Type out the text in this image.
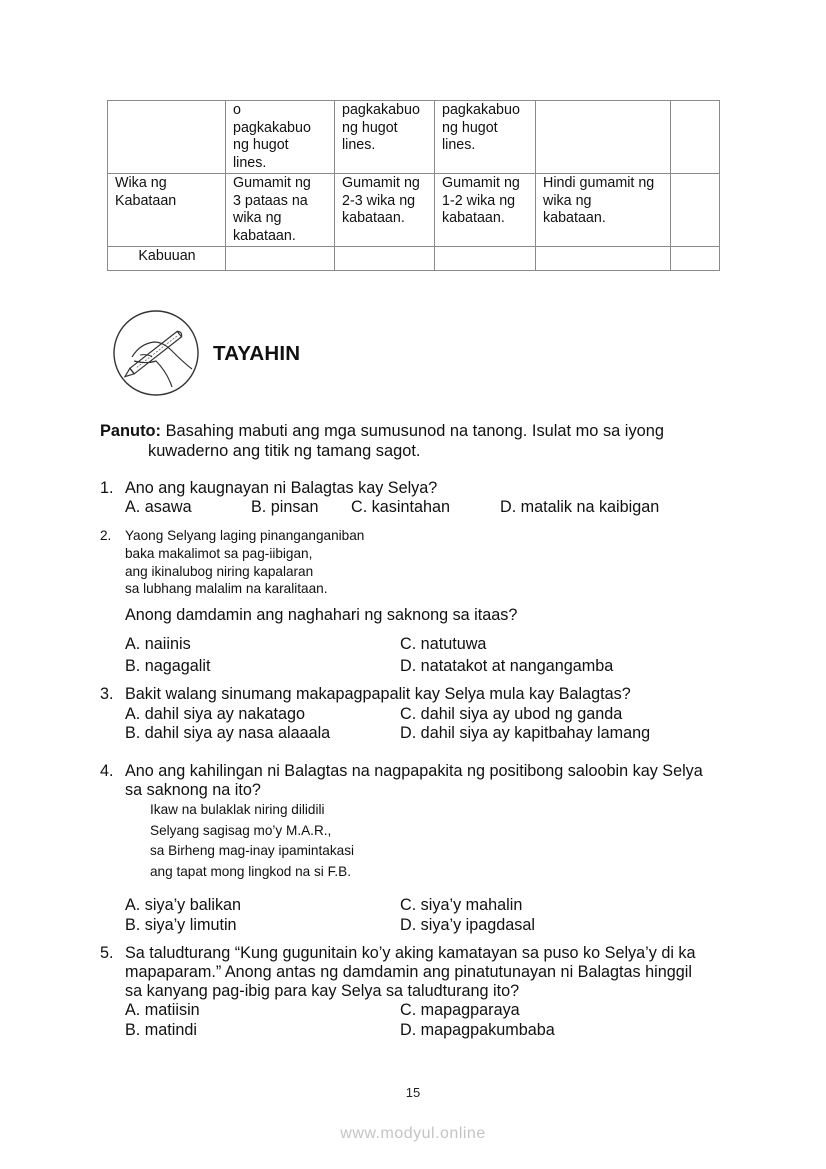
	o
pagkakabuo
ng hugot
lines.	pagkakabuo
ng hugot
lines.	pagkakabuo
ng hugot
lines.		

Wika ng
Kabataan	Gumamit ng
3 pataas na
wika ng
kabataan.	Gumamit ng
2-3 wika ng
kabataan.	Gumamit ng
1-2 wika ng
kabataan.	Hindi gumamit ng
wika ng
kabataan.	

Kabuuan					
TAYAHIN
Panuto: Basahing mabuti ang mga sumusunod na tanong. Isulat mo sa iyong
kuwaderno ang titik ng tamang sagot.
1. Ano ang kaugnayan ni Balagtas kay Selya?
A. asawa	B. pinsan C. kasintahan	D. matalik na kaibigan
2. Yaong Selyang laging pinanganganiban
baka makalimot sa pag-iibigan,
ang ikinalubog niring kapalaran
sa lubhang malalim na karalitaan.
Anong damdamin ang naghahari ng saknong sa itaas?
A. naiinis
B. nagagalit
C. natutuwa
D. natatakot at nangangamba
3. Bakit walang sinumang makapagpapalit kay Selya mula kay Balagtas?
A. dahil siya ay nakatago
B. dahil siya ay nasa alaaala
C. dahil siya ay ubod ng ganda
D. dahil siya ay kapitbahay lamang
4. Ano ang kahilingan ni Balagtas na nagpapakita ng positibong saloobin kay Selya
sa saknong na ito?
Ikaw na bulaklak niring dilidili
Selyang sagisag mo’y M.A.R.,
sa Birheng mag-inay ipamintakasi
ang tapat mong lingkod na si F.B.
A. siya’y balikan
B. siya’y limutin
C. siya’y mahalin
D. siya’y ipagdasal
5. Sa taludturang “Kung gugunitain ko’y aking kamatayan sa puso ko Selya’y di ka
mapaparam.” Anong antas ng damdamin ang pinatutunayan ni Balagtas hinggil
sa kanyang pag-ibig para kay Selya sa taludturang ito?
A. matiisin
B. matindi
C. mapagparaya
D. mapagpakumbaba
15
www.modyul.online
